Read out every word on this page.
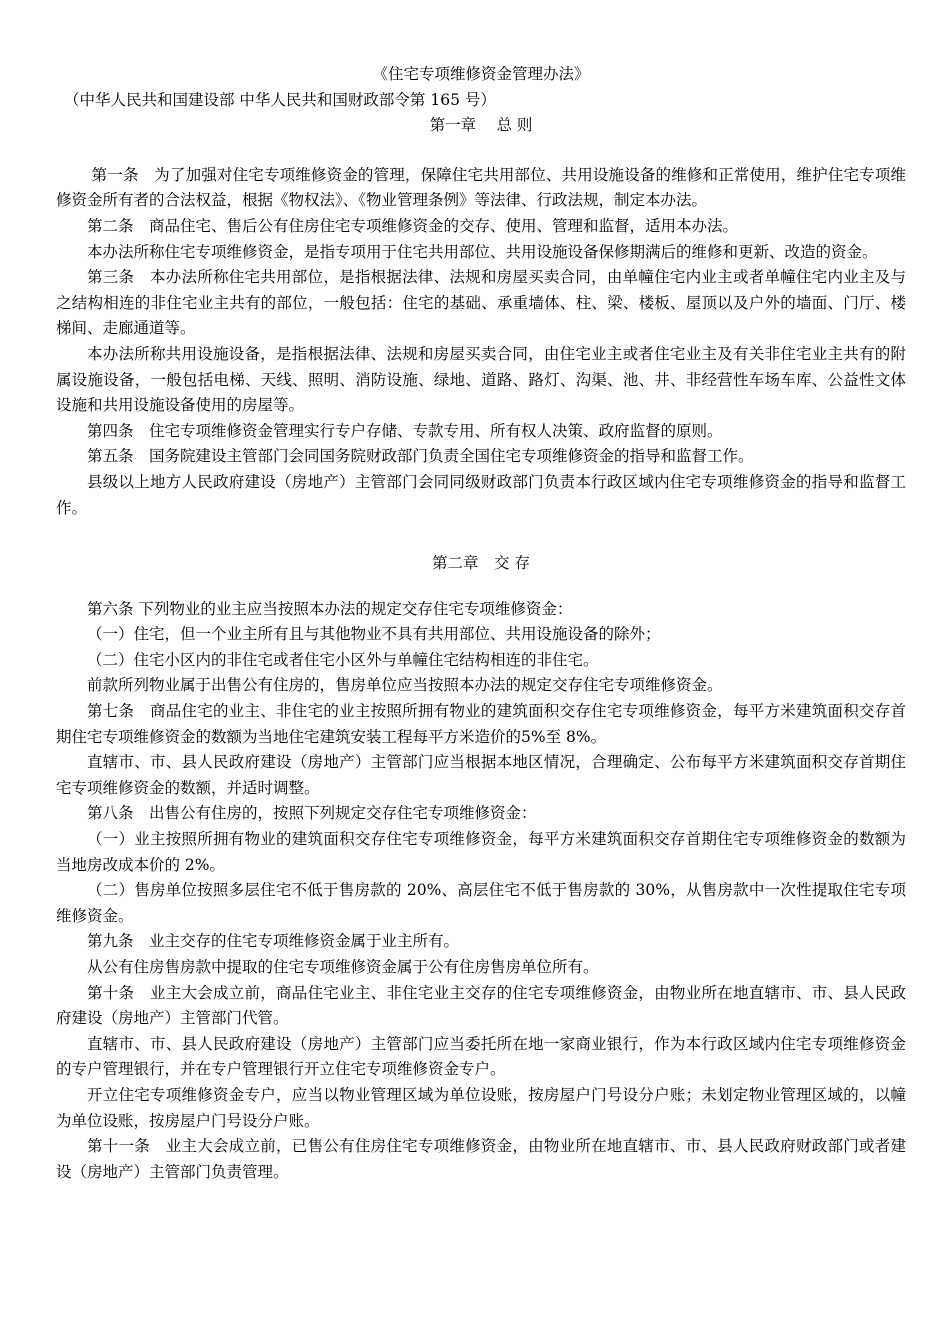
《住宅专项维修资金管理办法》

（中华人民共和国建设部 中华人民共和国财政部令第 165 号）

第一章　 总 则

第一条　为了加强对住宅专项维修资金的管理，保障住宅共用部位、共用设施设备的维修和正常使用，维护住宅专项维修资金所有者的合法权益，根据《物权法》、《物业管理条例》等法律、行政法规，制定本办法。

第二条　商品住宅、售后公有住房住宅专项维修资金的交存、使用、管理和监督，适用本办法。

本办法所称住宅专项维修资金，是指专项用于住宅共用部位、共用设施设备保修期满后的维修和更新、改造的资金。

第三条　本办法所称住宅共用部位，是指根据法律、法规和房屋买卖合同，由单幢住宅内业主或者单幢住宅内业主及与之结构相连的非住宅业主共有的部位，一般包括：住宅的基础、承重墙体、柱、梁、楼板、屋顶以及户外的墙面、门厅、楼梯间、走廊通道等。

本办法所称共用设施设备，是指根据法律、法规和房屋买卖合同，由住宅业主或者住宅业主及有关非住宅业主共有的附属设施设备，一般包括电梯、天线、照明、消防设施、绿地、道路、路灯、沟渠、池、井、非经营性车场车库、公益性文体设施和共用设施设备使用的房屋等。

第四条　住宅专项维修资金管理实行专户存储、专款专用、所有权人决策、政府监督的原则。

第五条　国务院建设主管部门会同国务院财政部门负责全国住宅专项维修资金的指导和监督工作。

县级以上地方人民政府建设（房地产）主管部门会同同级财政部门负责本行政区域内住宅专项维修资金的指导和监督工作。

第二章　交 存

第六条 下列物业的业主应当按照本办法的规定交存住宅专项维修资金：

（一）住宅，但一个业主所有且与其他物业不具有共用部位、共用设施设备的除外；

（二）住宅小区内的非住宅或者住宅小区外与单幢住宅结构相连的非住宅。

前款所列物业属于出售公有住房的，售房单位应当按照本办法的规定交存住宅专项维修资金。

第七条　商品住宅的业主、非住宅的业主按照所拥有物业的建筑面积交存住宅专项维修资金，每平方米建筑面积交存首期住宅专项维修资金的数额为当地住宅建筑安装工程每平方米造价的5%至 8%。

直辖市、市、县人民政府建设（房地产）主管部门应当根据本地区情况，合理确定、公布每平方米建筑面积交存首期住宅专项维修资金的数额，并适时调整。

第八条　出售公有住房的，按照下列规定交存住宅专项维修资金：

（一）业主按照所拥有物业的建筑面积交存住宅专项维修资金，每平方米建筑面积交存首期住宅专项维修资金的数额为当地房改成本价的 2%。

（二）售房单位按照多层住宅不低于售房款的 20%、高层住宅不低于售房款的 30%，从售房款中一次性提取住宅专项维修资金。

第九条　业主交存的住宅专项维修资金属于业主所有。

从公有住房售房款中提取的住宅专项维修资金属于公有住房售房单位所有。

第十条　业主大会成立前，商品住宅业主、非住宅业主交存的住宅专项维修资金，由物业所在地直辖市、市、县人民政府建设（房地产）主管部门代管。

直辖市、市、县人民政府建设（房地产）主管部门应当委托所在地一家商业银行，作为本行政区域内住宅专项维修资金的专户管理银行，并在专户管理银行开立住宅专项维修资金专户。

开立住宅专项维修资金专户，应当以物业管理区域为单位设账，按房屋户门号设分户账；未划定物业管理区域的，以幢为单位设账，按房屋户门号设分户账。

第十一条　业主大会成立前，已售公有住房住宅专项维修资金，由物业所在地直辖市、市、县人民政府财政部门或者建设（房地产）主管部门负责管理。
